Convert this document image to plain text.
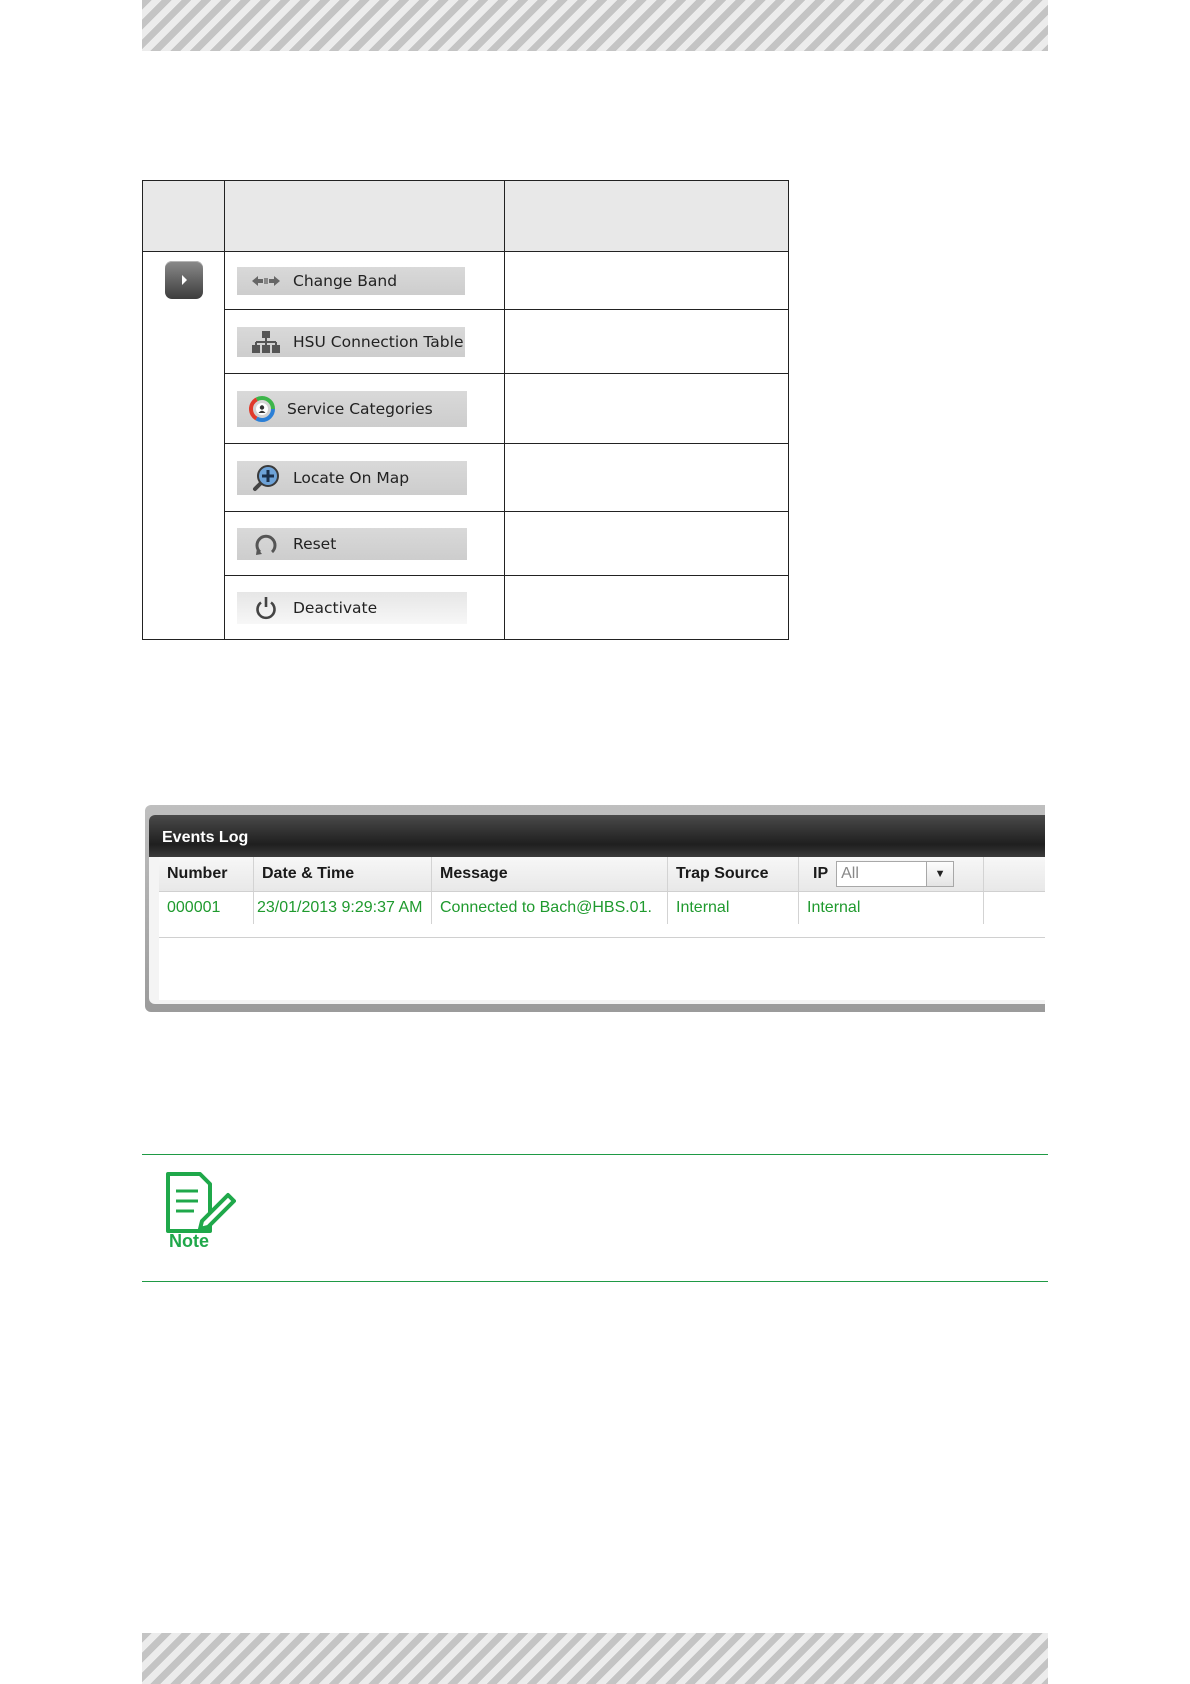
	Change Band	

	HSU Connection Table	

	Service Categories	

	Locate On Map	

	Reset	

	Deactivate	

Events Log
Number	Date & Time	Message	Trap Source	IP All	▼
000001	23/01/2013 9:29:37 AM	Connected to Bach@HBS.01.	Internal	Internal
Note
